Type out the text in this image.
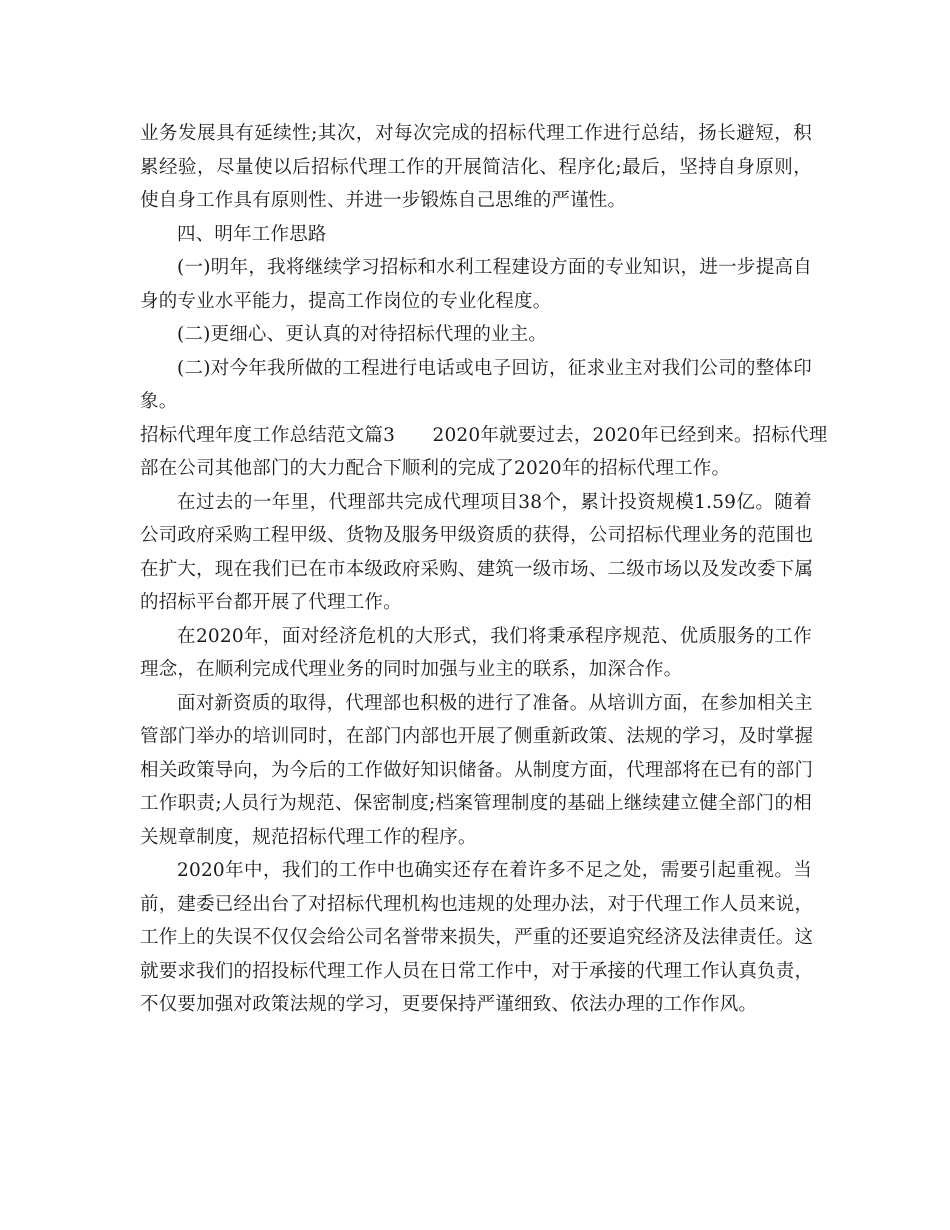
业务发展具有延续性;其次，对每次完成的招标代理工作进行总结，扬长避短，积
累经验，尽量使以后招标代理工作的开展简洁化、程序化;最后，坚持自身原则，
使自身工作具有原则性、并进一步锻炼自己思维的严谨性。
四、明年工作思路
(一)明年，我将继续学习招标和水利工程建设方面的专业知识，进一步提高自
身的专业水平能力，提高工作岗位的专业化程度。
(二)更细心、更认真的对待招标代理的业主。
(二)对今年我所做的工程进行电话或电子回访，征求业主对我们公司的整体印
象。
招标代理年度工作总结范文篇3　　2020年就要过去，2020年已经到来。招标代理
部在公司其他部门的大力配合下顺利的完成了2020年的招标代理工作。
在过去的一年里，代理部共完成代理项目38个，累计投资规模1.59亿。随着
公司政府采购工程甲级、货物及服务甲级资质的获得，公司招标代理业务的范围也
在扩大，现在我们已在市本级政府采购、建筑一级市场、二级市场以及发改委下属
的招标平台都开展了代理工作。
在2020年，面对经济危机的大形式，我们将秉承程序规范、优质服务的工作
理念，在顺利完成代理业务的同时加强与业主的联系，加深合作。
面对新资质的取得，代理部也积极的进行了准备。从培训方面，在参加相关主
管部门举办的培训同时，在部门内部也开展了侧重新政策、法规的学习，及时掌握
相关政策导向，为今后的工作做好知识储备。从制度方面，代理部将在已有的部门
工作职责;人员行为规范、保密制度;档案管理制度的基础上继续建立健全部门的相
关规章制度，规范招标代理工作的程序。
2020年中，我们的工作中也确实还存在着许多不足之处，需要引起重视。当
前，建委已经出台了对招标代理机构也违规的处理办法，对于代理工作人员来说，
工作上的失误不仅仅会给公司名誉带来损失，严重的还要追究经济及法律责任。这
就要求我们的招投标代理工作人员在日常工作中，对于承接的代理工作认真负责，
不仅要加强对政策法规的学习，更要保持严谨细致、依法办理的工作作风。
